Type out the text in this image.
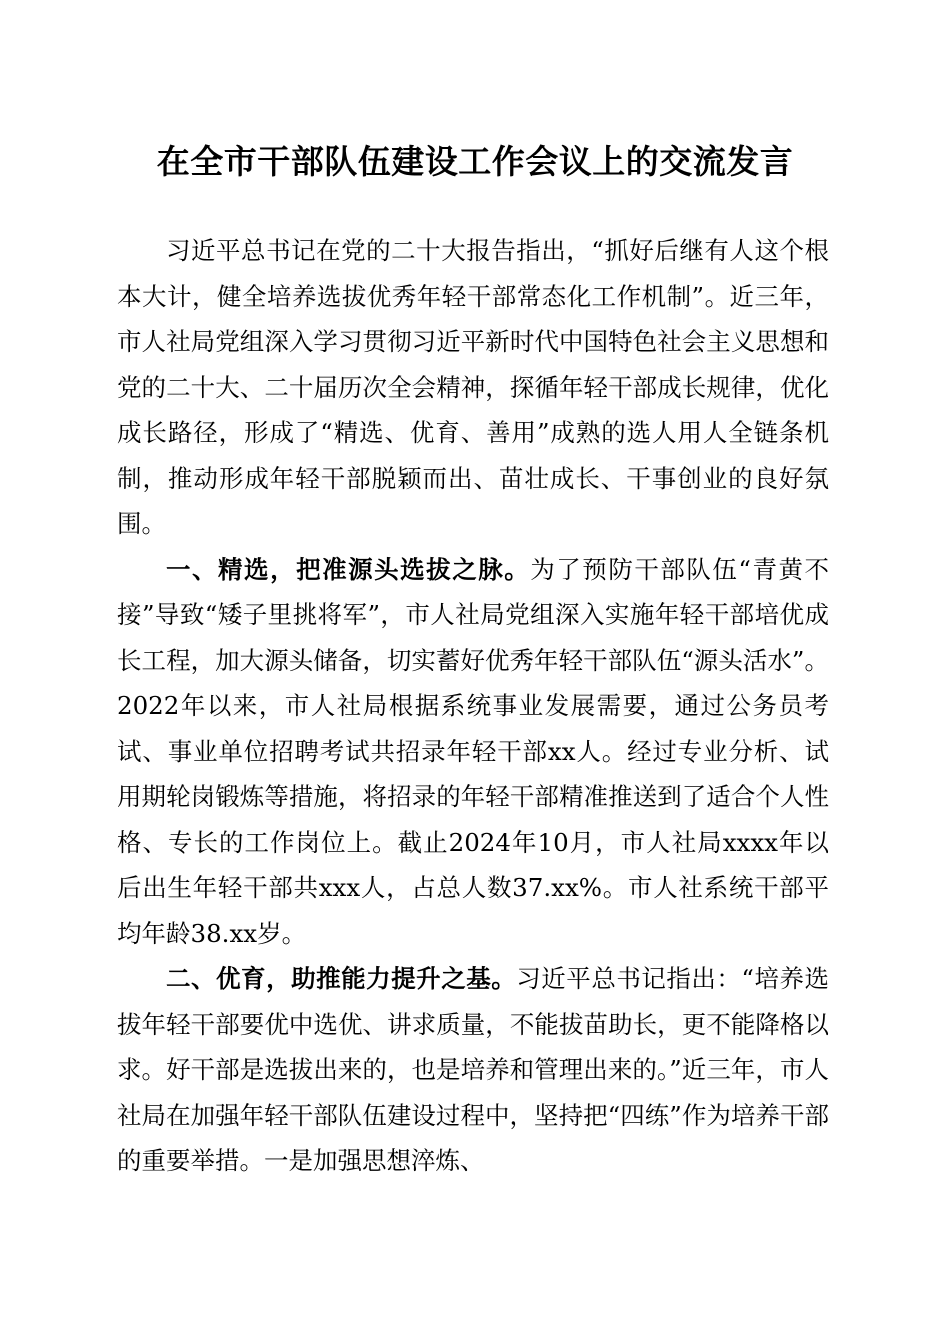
在全市干部队伍建设工作会议上的交流发言

习近平总书记在党的二十大报告指出，“抓好后继有人这个根本大计，健全培养选拔优秀年轻干部常态化工作机制”。近三年，市人社局党组深入学习贯彻习近平新时代中国特色社会主义思想和党的二十大、二十届历次全会精神，探循年轻干部成长规律，优化成长路径，形成了“精选、优育、善用”成熟的选人用人全链条机制，推动形成年轻干部脱颖而出、苗壮成长、干事创业的良好氛围。

一、精选，把准源头选拔之脉。为了预防干部队伍“青黄不接”导致“矮子里挑将军”，市人社局党组深入实施年轻干部培优成长工程，加大源头储备，切实蓄好优秀年轻干部队伍“源头活水”。2022年以来，市人社局根据系统事业发展需要，通过公务员考试、事业单位招聘考试共招录年轻干部xx人。经过专业分析、试用期轮岗锻炼等措施，将招录的年轻干部精准推送到了适合个人性格、专长的工作岗位上。截止2024年10月，市人社局xxxx年以后出生年轻干部共xxx人，占总人数37.xx%。市人社系统干部平均年龄38.xx岁。

二、优育，助推能力提升之基。习近平总书记指出：“培养选拔年轻干部要优中选优、讲求质量，不能拔苗助长，更不能降格以求。好干部是选拔出来的，也是培养和管理出来的。”近三年，市人社局在加强年轻干部队伍建设过程中，坚持把“四练”作为培养干部的重要举措。一是加强思想淬炼、
